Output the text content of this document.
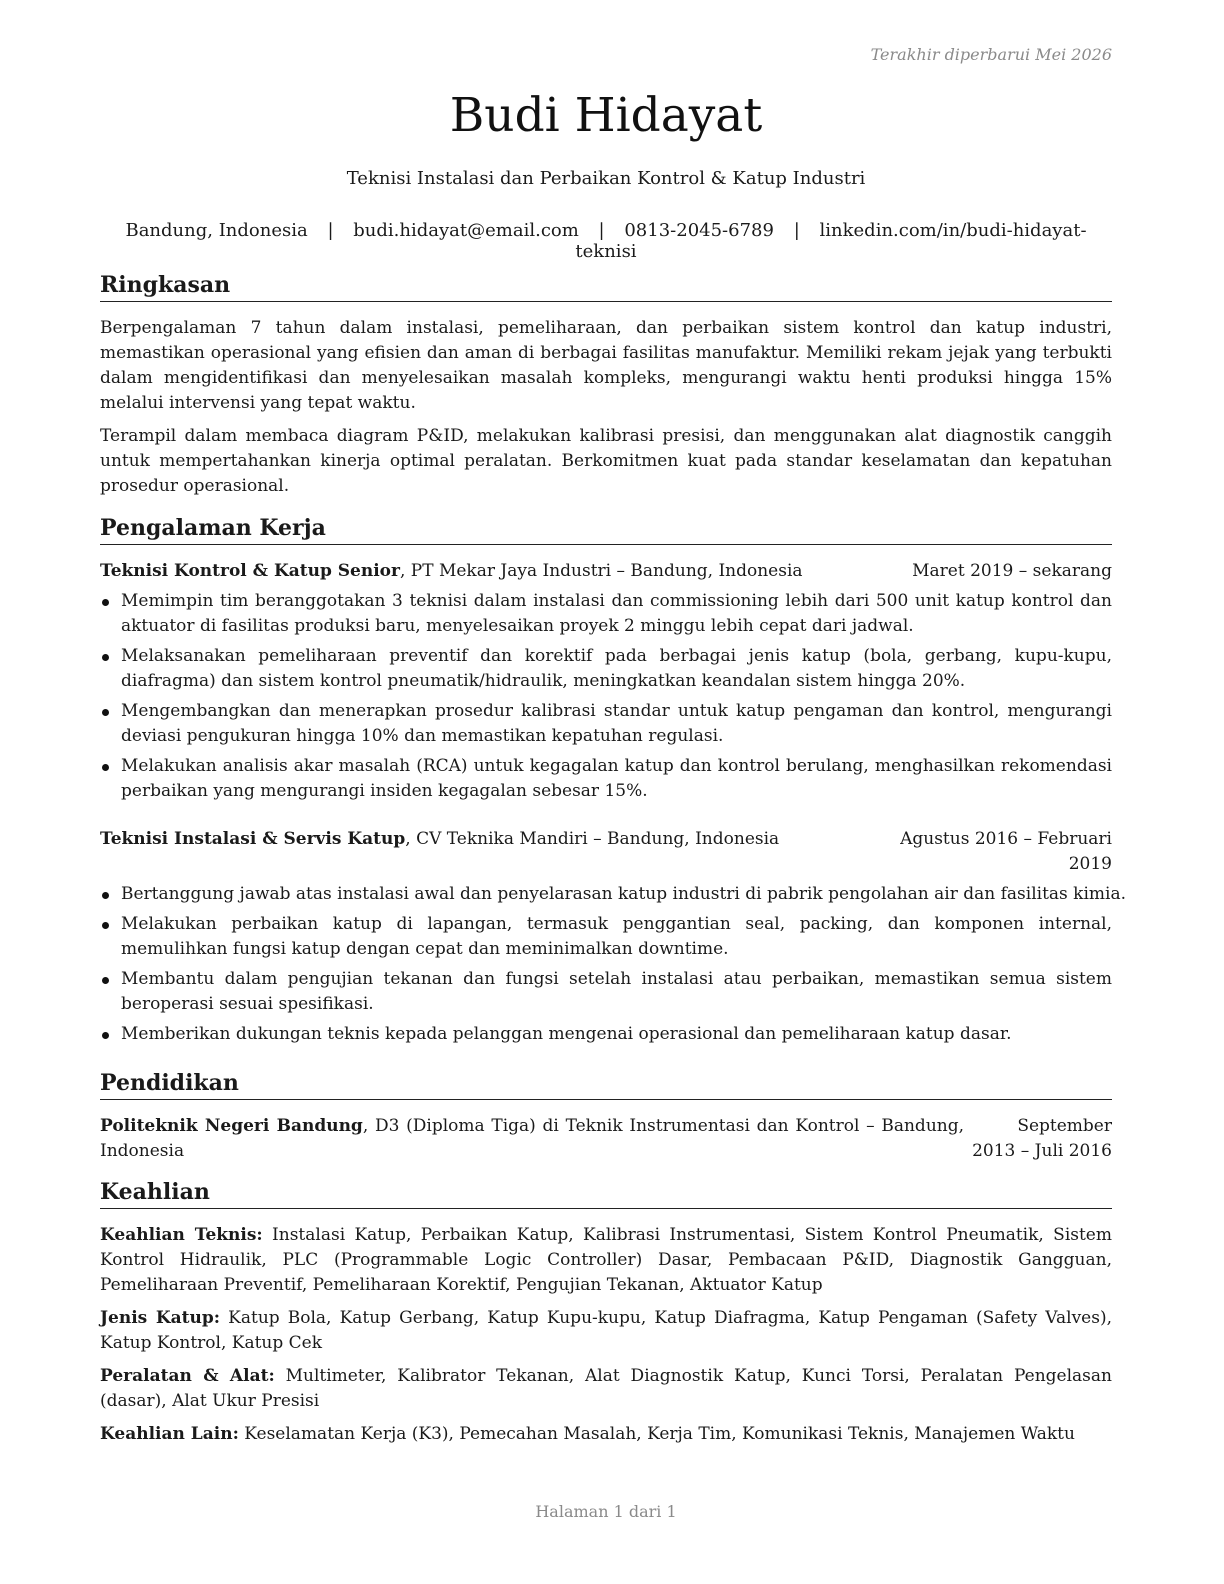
Terakhir diperbarui Mei 2026
Budi Hidayat
Teknisi Instalasi dan Perbaikan Kontrol & Katup Industri
Bandung, Indonesia | budi.hidayat@email.com | 0813-2045-6789 | linkedin.com/in/budi-hidayat-teknisi
Ringkasan

Berpengalaman 7 tahun dalam instalasi, pemeliharaan, dan perbaikan sistem kontrol dan katup industri, memastikan operasional yang efisien dan aman di berbagai fasilitas manufaktur. Memiliki rekam jejak yang terbukti dalam mengidentifikasi dan menyelesaikan masalah kompleks, mengurangi waktu henti produksi hingga 15% melalui intervensi yang tepat waktu.

Terampil dalam membaca diagram P&ID, melakukan kalibrasi presisi, dan menggunakan alat diagnostik canggih untuk mempertahankan kinerja optimal peralatan. Berkomitmen kuat pada standar keselamatan dan kepatuhan prosedur operasional.

Pengalaman Kerja
Teknisi Kontrol & Katup Senior, PT Mekar Jaya Industri – Bandung, Indonesia	Maret 2019 – sekarang
Memimpin tim beranggotakan 3 teknisi dalam instalasi dan commissioning lebih dari 500 unit katup kontrol dan aktuator di fasilitas produksi baru, menyelesaikan proyek 2 minggu lebih cepat dari jadwal.
Melaksanakan pemeliharaan preventif dan korektif pada berbagai jenis katup (bola, gerbang, kupu-kupu, diafragma) dan sistem kontrol pneumatik/hidraulik, meningkatkan keandalan sistem hingga 20%.
Mengembangkan dan menerapkan prosedur kalibrasi standar untuk katup pengaman dan kontrol, mengurangi deviasi pengukuran hingga 10% dan memastikan kepatuhan regulasi.
Melakukan analisis akar masalah (RCA) untuk kegagalan katup dan kontrol berulang, menghasilkan rekomendasi perbaikan yang mengurangi insiden kegagalan sebesar 15%.
Teknisi Instalasi & Servis Katup, CV Teknika Mandiri – Bandung, Indonesia	Agustus 2016 – Februari 2019
Bertanggung jawab atas instalasi awal dan penyelarasan katup industri di pabrik pengolahan air dan fasilitas kimia.
Melakukan perbaikan katup di lapangan, termasuk penggantian seal, packing, dan komponen internal, memulihkan fungsi katup dengan cepat dan meminimalkan downtime.
Membantu dalam pengujian tekanan dan fungsi setelah instalasi atau perbaikan, memastikan semua sistem beroperasi sesuai spesifikasi.
Memberikan dukungan teknis kepada pelanggan mengenai operasional dan pemeliharaan katup dasar.
Pendidikan
Politeknik Negeri Bandung, D3 (Diploma Tiga) di Teknik Instrumentasi dan Kontrol – Bandung, Indonesia
September 2013 – Juli 2016
Keahlian

Keahlian Teknis: Instalasi Katup, Perbaikan Katup, Kalibrasi Instrumentasi, Sistem Kontrol Pneumatik, Sistem Kontrol Hidraulik, PLC (Programmable Logic Controller) Dasar, Pembacaan P&ID, Diagnostik Gangguan, Pemeliharaan Preventif, Pemeliharaan Korektif, Pengujian Tekanan, Aktuator Katup

Jenis Katup: Katup Bola, Katup Gerbang, Katup Kupu-kupu, Katup Diafragma, Katup Pengaman (Safety Valves), Katup Kontrol, Katup Cek

Peralatan & Alat: Multimeter, Kalibrator Tekanan, Alat Diagnostik Katup, Kunci Torsi, Peralatan Pengelasan (dasar), Alat Ukur Presisi

Keahlian Lain: Keselamatan Kerja (K3), Pemecahan Masalah, Kerja Tim, Komunikasi Teknis, Manajemen Waktu

Halaman 1 dari 1
